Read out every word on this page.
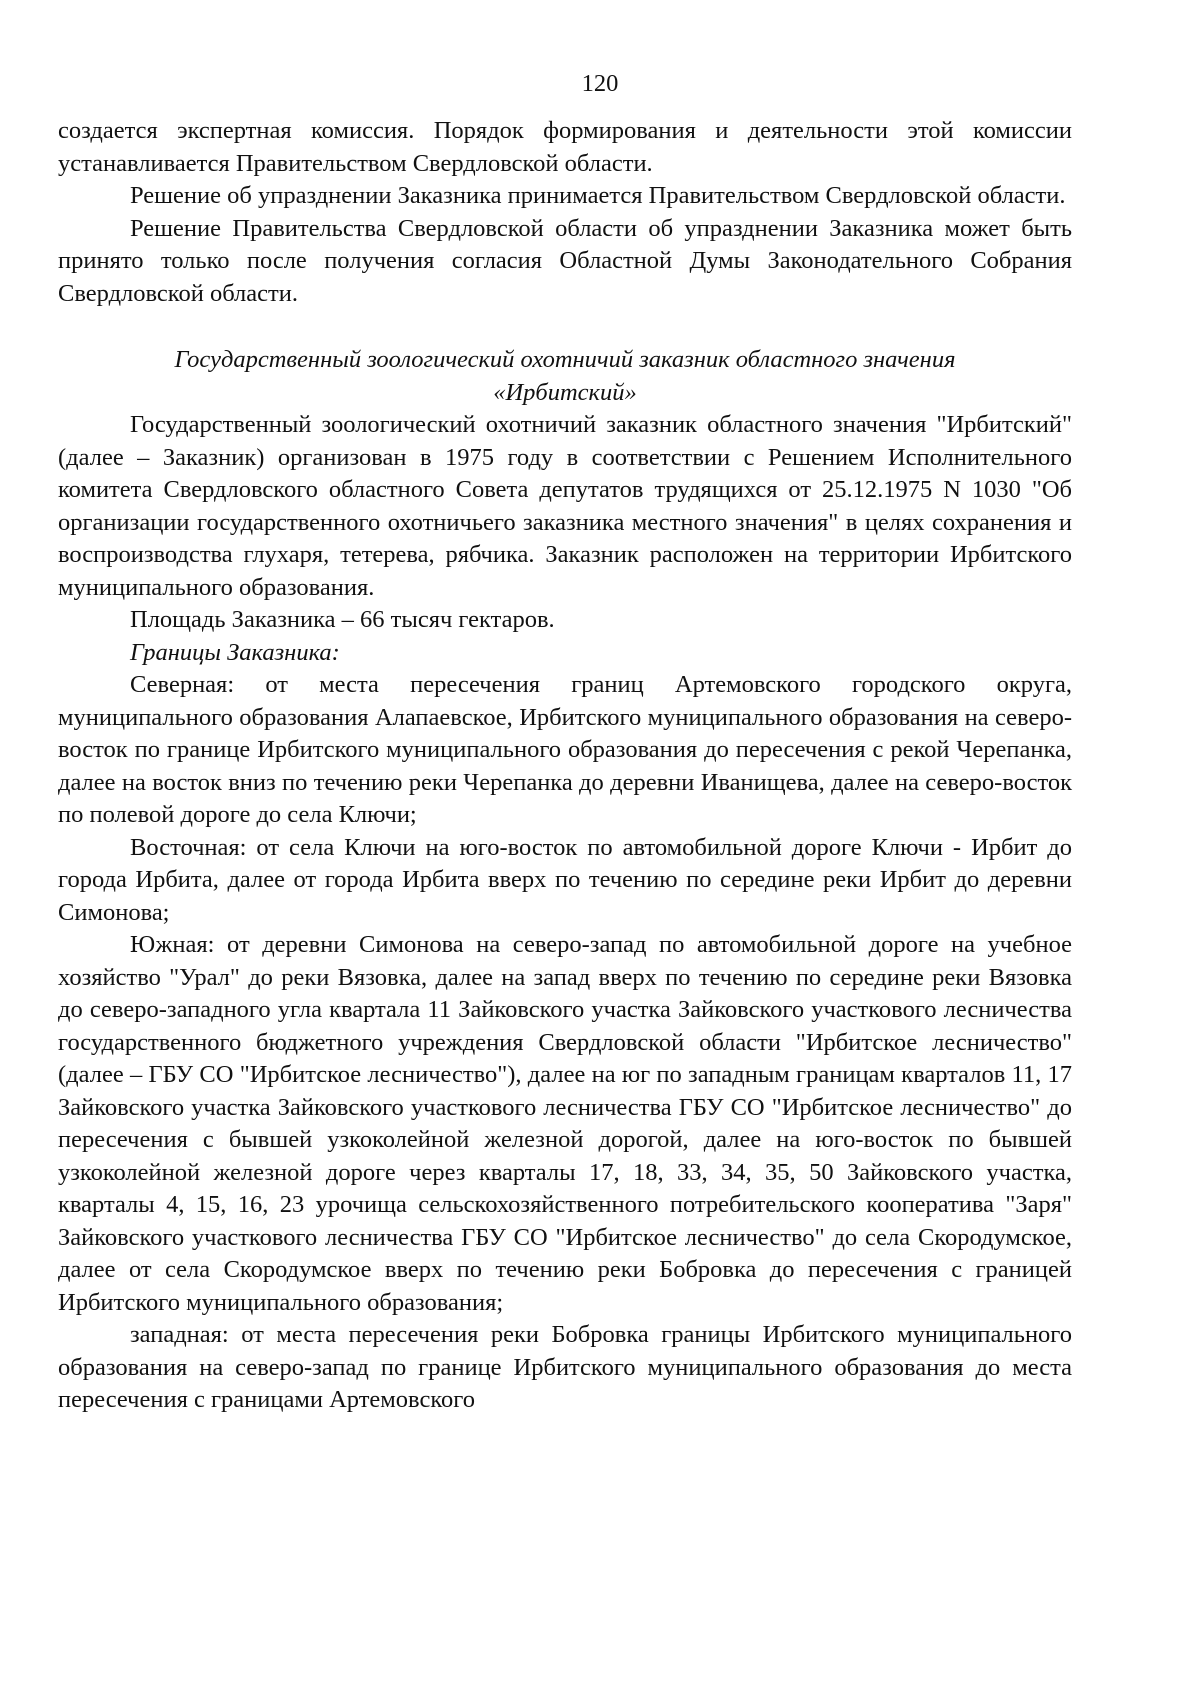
120

создается экспертная комиссия. Порядок формирования и деятельности этой комиссии устанавливается Правительством Свердловской области.

Решение об упразднении Заказника принимается Правительством Свердловской области.

Решение Правительства Свердловской области об упразднении Заказника может быть принято только после получения согласия Областной Думы Законодательного Собрания Свердловской области.

Государственный зоологический охотничий заказник областного значения
«Ирбитский»

Государственный зоологический охотничий заказник областного значения "Ирбитский" (далее – Заказник) организован в 1975 году в соответствии с Решением Исполнительного комитета Свердловского областного Совета депутатов трудящихся от 25.12.1975 N 1030 "Об организации государственного охотничьего заказника местного значения" в целях сохранения и воспроизводства глухаря, тетерева, рябчика. Заказник расположен на территории Ирбитского муниципального образования.

Площадь Заказника – 66 тысяч гектаров.

Границы Заказника:

Северная: от места пересечения границ Артемовского городского округа, муниципального образования Алапаевское, Ирбитского муниципального образования на северо-восток по границе Ирбитского муниципального образования до пересечения с рекой Черепанка, далее на восток вниз по течению реки Черепанка до деревни Иванищева, далее на северо-восток по полевой дороге до села Ключи;

Восточная: от села Ключи на юго-восток по автомобильной дороге Ключи - Ирбит до города Ирбита, далее от города Ирбита вверх по течению по середине реки Ирбит до деревни Симонова;

Южная: от деревни Симонова на северо-запад по автомобильной дороге на учебное хозяйство "Урал" до реки Вязовка, далее на запад вверх по течению по середине реки Вязовка до северо-западного угла квартала 11 Зайковского участка Зайковского участкового лесничества государственного бюджетного учреждения Свердловской области "Ирбитское лесничество" (далее – ГБУ СО "Ирбитское лесничество"), далее на юг по западным границам кварталов 11, 17 Зайковского участка Зайковского участкового лесничества ГБУ СО "Ирбитское лесничество" до пересечения с бывшей узкоколейной железной дорогой, далее на юго-восток по бывшей узкоколейной железной дороге через кварталы 17, 18, 33, 34, 35, 50 Зайковского участка, кварталы 4, 15, 16, 23 урочища сельскохозяйственного потребительского кооператива "Заря" Зайковского участкового лесничества ГБУ СО "Ирбитское лесничество" до села Скородумское, далее от села Скородумское вверх по течению реки Бобровка до пересечения с границей Ирбитского муниципального образования;

западная: от места пересечения реки Бобровка границы Ирбитского муниципального образования на северо-запад по границе Ирбитского муниципального образования до места пересечения с границами Артемовского
